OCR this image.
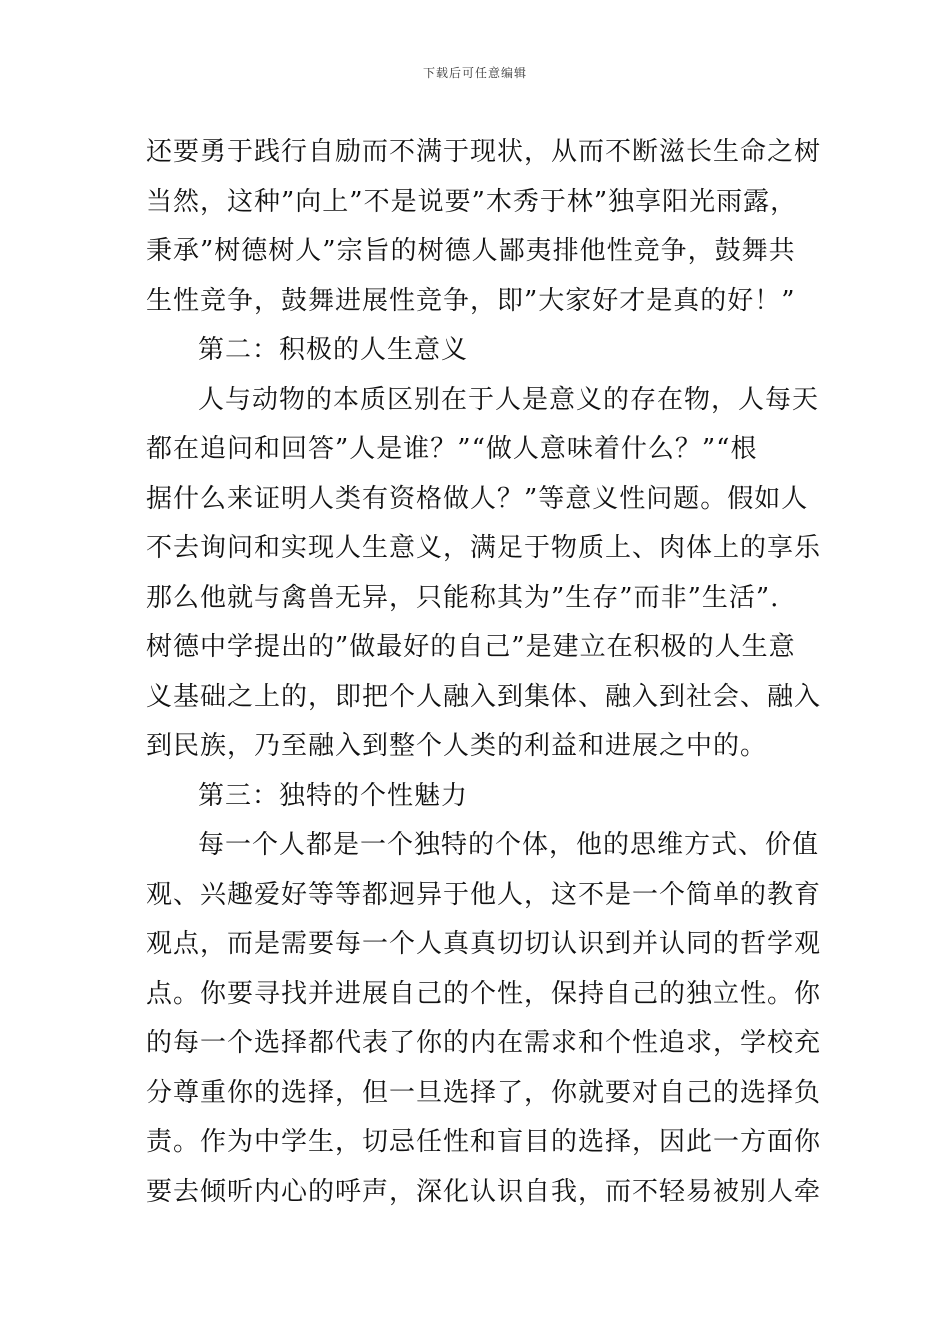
下载后可任意编辑
还要勇于践行自励而不满于现状，从而不断滋长生命之树
当然，这种”向上”不是说要”木秀于林”独享阳光雨露，
秉承”树德树人”宗旨的树德人鄙夷排他性竞争，鼓舞共
生性竞争，鼓舞进展性竞争，即”大家好才是真的好！”
第二：积极的人生意义
人与动物的本质区别在于人是意义的存在物，人每天
都在追问和回答”人是谁？”“做人意味着什么？”“根
据什么来证明人类有资格做人？”等意义性问题。假如人
不去询问和实现人生意义，满足于物质上、肉体上的享乐
那么他就与禽兽无异，只能称其为”生存”而非”生活”.
树德中学提出的”做最好的自己”是建立在积极的人生意
义基础之上的，即把个人融入到集体、融入到社会、融入
到民族，乃至融入到整个人类的利益和进展之中的。
第三：独特的个性魅力
每一个人都是一个独特的个体，他的思维方式、价值
观、兴趣爱好等等都迥异于他人，这不是一个简单的教育
观点，而是需要每一个人真真切切认识到并认同的哲学观
点。你要寻找并进展自己的个性，保持自己的独立性。你
的每一个选择都代表了你的内在需求和个性追求，学校充
分尊重你的选择，但一旦选择了，你就要对自己的选择负
责。作为中学生，切忌任性和盲目的选择，因此一方面你
要去倾听内心的呼声，深化认识自我，而不轻易被别人牵
